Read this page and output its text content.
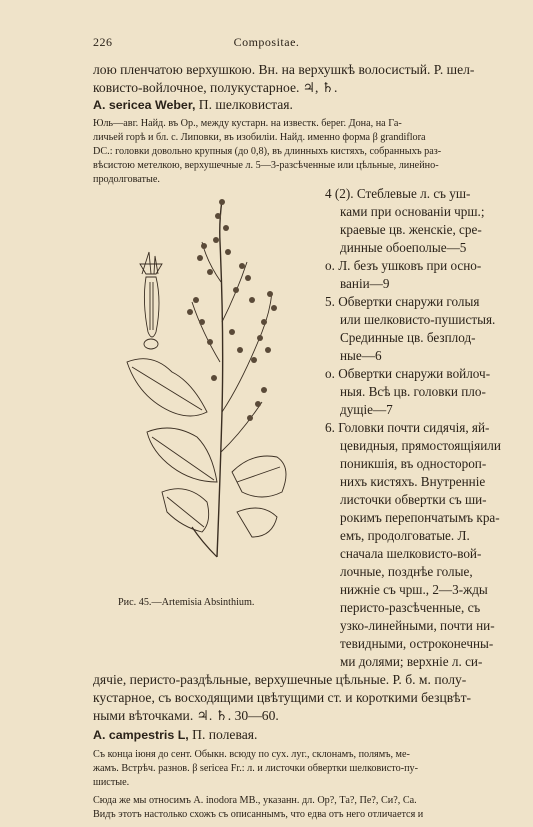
226	Compositae.
лою пленчатою верхушкою. Вн. на верхушкѣ волосистый. P. шел-
ковисто-войлочное, полукустарное. ♃, ♄.
A. sericea Weber, П. шелковистая.
Юль—авг. Найд. въ Ор., между кустарн. на известк. берег. Дона, на Га-
личьей горѣ и бл. с. Липовки, въ изобиліи. Найд. именно форма β grandiflora
DC.: головки довольно крупныя (до 0,8), въ длинныхъ кистяхъ, собранныхъ раз-
вѣсистою метелкою, верхушечные л. 5—3-разсѣченные или цѣльные, линейно-
продолговатые.
4 (2). Стеблевые л. съ уш-
ками при основаніи чрш.;
краевые цв. женскіе, сре-
динные обоеполые—5
о. Л. безъ ушковъ при осно-
ваніи—9
5. Обвертки снаружи голыя
или шелковисто-пушистыя.
Срединные цв. безплод-
ные—6
о. Обвертки снаружи войлоч-
ныя. Всѣ цв. головки пло-
дущіе—7
6. Головки почти сидячія, яй-
цевидныя, прямостоящіяили
поникшія, въ одностороп-
нихъ кистяхъ. Внутренніе
листочки обвертки съ ши-
рокимъ перепончатымъ кра-
емъ, продолговатые. Л.
сначала шелковисто-вой-
лочные, позднѣе голые,
нижніе съ чрш., 2—3-жды
перисто-разсѣченные, съ
узко-линейными, почти ни-
тевидными, остроконечны-
ми долями; верхніе л. си-
Рис. 45.—Artemisia Absinthium.
дячіе, перисто-раздѣльные, верхушечные цѣльные. Р. б. м. полу-
кустарное, съ восходящими цвѣтущими ст. и короткими безцвѣт-
ными вѣточками. ♃. ♄. 30—60.
A. campestris L, П. полевая.
Съ конца іюня до сент. Обыкн. всюду по сух. луг., склонамъ, полямъ, ме-
жамъ. Встрѣч. разнов. β sericea Fr.: л. и листочки обвертки шелковисто-пу-
шистые.
Сюда же мы относимъ A. inodora MB., указанн. дл. Ор?, Та?, Пе?, Си?, Са.
Видъ этотъ настолько схожъ съ описаннымъ, что едва отъ него отличается и
